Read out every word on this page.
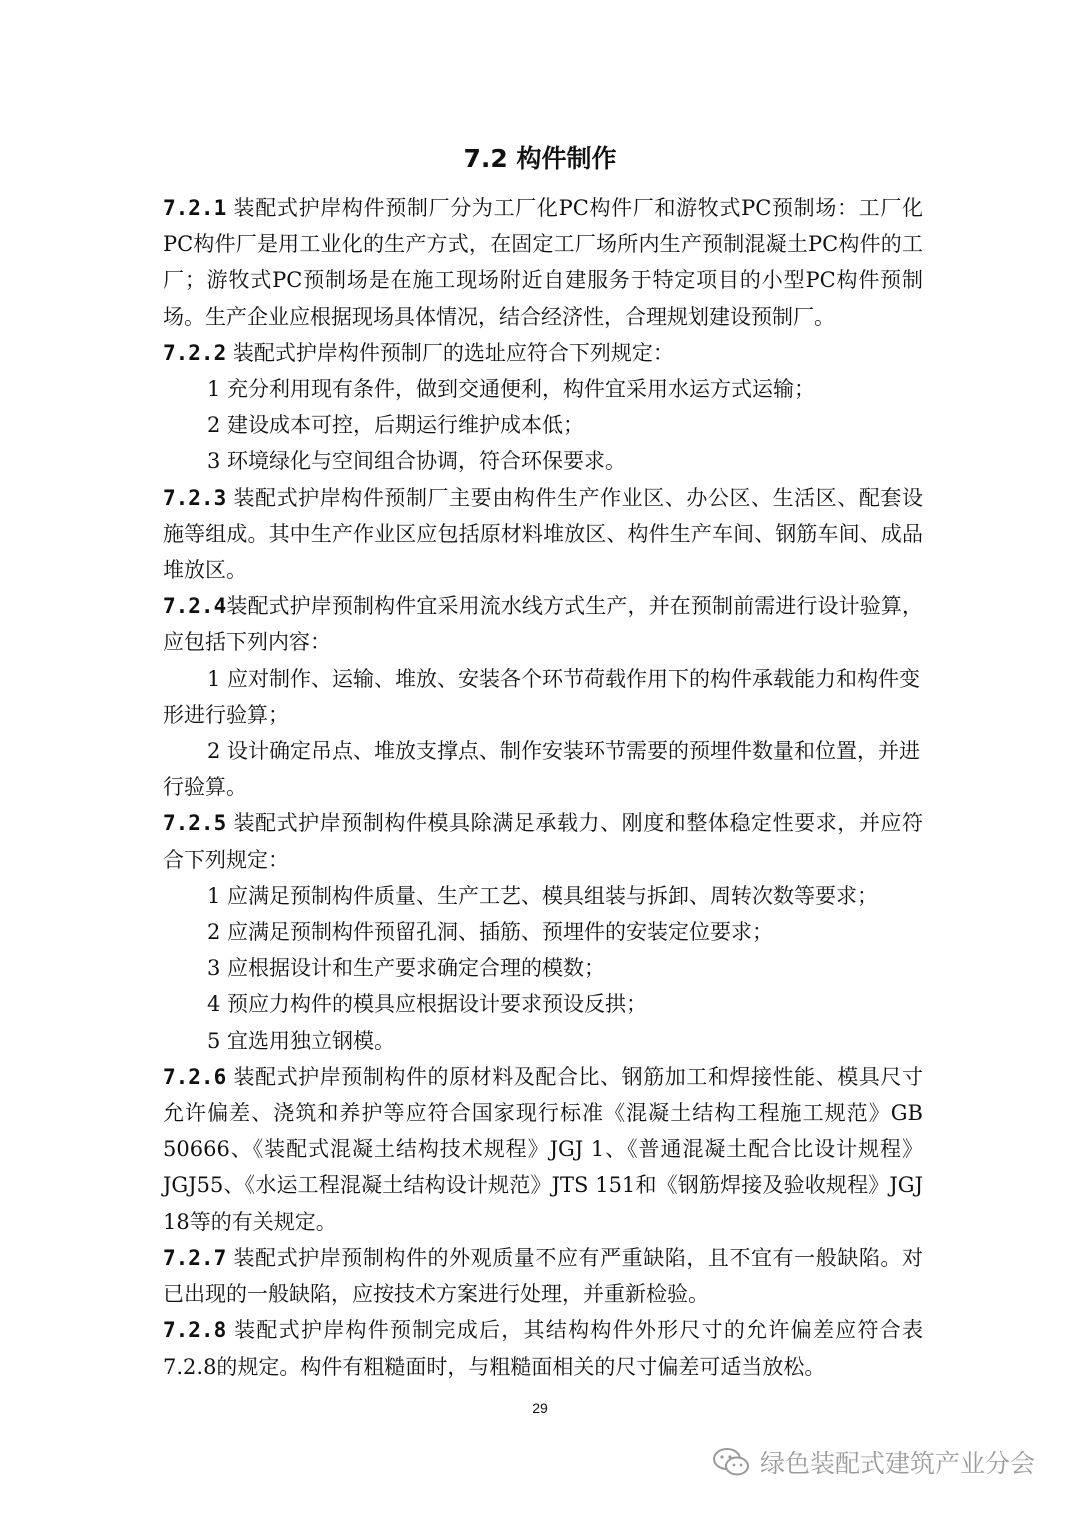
7.2 构件制作

7.2.1 装配式护岸构件预制厂分为工厂化PC构件厂和游牧式PC预制场：工厂化PC构件厂是用工业化的生产方式，在固定工厂场所内生产预制混凝土PC构件的工厂；游牧式PC预制场是在施工现场附近自建服务于特定项目的小型PC构件预制场。生产企业应根据现场具体情况，结合经济性，合理规划建设预制厂。

7.2.2 装配式护岸构件预制厂的选址应符合下列规定：

1 充分利用现有条件，做到交通便利，构件宜采用水运方式运输；

2 建设成本可控，后期运行维护成本低；

3 环境绿化与空间组合协调，符合环保要求。

7.2.3 装配式护岸构件预制厂主要由构件生产作业区、办公区、生活区、配套设施等组成。其中生产作业区应包括原材料堆放区、构件生产车间、钢筋车间、成品堆放区。

7.2.4装配式护岸预制构件宜采用流水线方式生产，并在预制前需进行设计验算，应包括下列内容：

1 应对制作、运输、堆放、安装各个环节荷载作用下的构件承载能力和构件变形进行验算；

2 设计确定吊点、堆放支撑点、制作安装环节需要的预埋件数量和位置，并进行验算。

7.2.5 装配式护岸预制构件模具除满足承载力、刚度和整体稳定性要求，并应符合下列规定：

1 应满足预制构件质量、生产工艺、模具组装与拆卸、周转次数等要求；

2 应满足预制构件预留孔洞、插筋、预埋件的安装定位要求；

3 应根据设计和生产要求确定合理的模数；

4 预应力构件的模具应根据设计要求预设反拱；

5 宜选用独立钢模。

7.2.6 装配式护岸预制构件的原材料及配合比、钢筋加工和焊接性能、模具尺寸允许偏差、浇筑和养护等应符合国家现行标准《混凝土结构工程施工规范》GB 50666、《装配式混凝土结构技术规程》JGJ 1、《普通混凝土配合比设计规程》JGJ55、《水运工程混凝土结构设计规范》JTS 151和《钢筋焊接及验收规程》JGJ 18等的有关规定。

7.2.7 装配式护岸预制构件的外观质量不应有严重缺陷，且不宜有一般缺陷。对已出现的一般缺陷，应按技术方案进行处理，并重新检验。

7.2.8 装配式护岸构件预制完成后，其结构构件外形尺寸的允许偏差应符合表7.2.8的规定。构件有粗糙面时，与粗糙面相关的尺寸偏差可适当放松。

29
绿色装配式建筑产业分会
